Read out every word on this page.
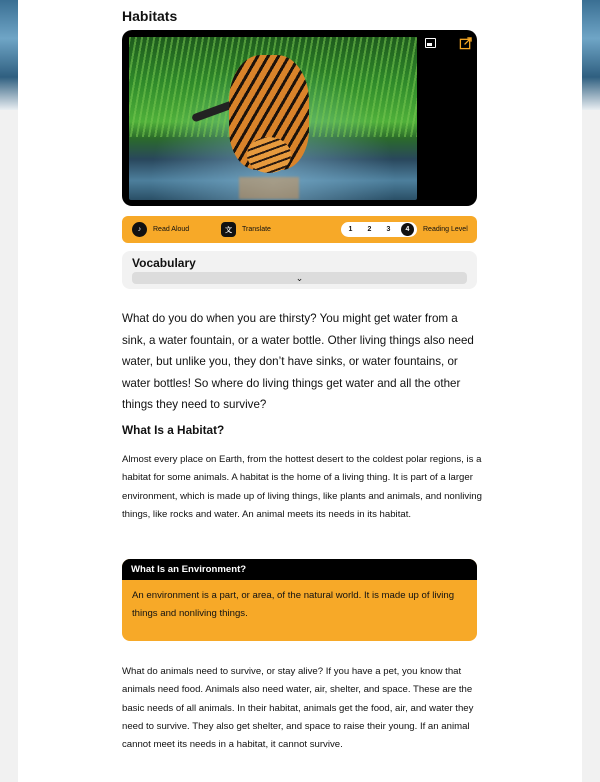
Habitats
♪	Read Aloud	文	Translate	1	2	3	4	Reading Level
Vocabulary
⌄
What do you do when you are thirsty? You might get water from a sink, a water fountain, or a water bottle. Other living things also need water, but unlike you, they don’t have sinks, or water fountains, or water bottles! So where do living things get water and all the other things they need to survive?
What Is a Habitat?
Almost every place on Earth, from the hottest desert to the coldest polar regions, is a habitat for some animals. A habitat is the home of a living thing. It is part of a larger environment, which is made up of living things, like plants and animals, and nonliving things, like rocks and water. An animal meets its needs in its habitat.
What Is an Environment?
An environment is a part, or area, of the natural world. It is made up of living things and nonliving things.
What do animals need to survive, or stay alive? If you have a pet, you know that animals need food. Animals also need water, air, shelter, and space. These are the basic needs of all animals. In their habitat, animals get the food, air, and water they need to survive. They also get shelter, and space to raise their young. If an animal cannot meet its needs in a habitat, it cannot survive.
